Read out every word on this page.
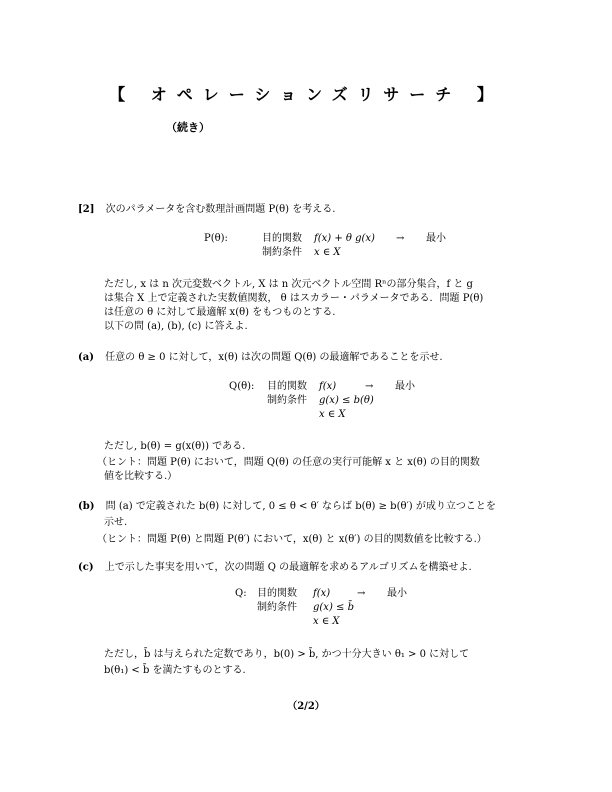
【 オペレーションズリサーチ 】
（続き）
[2] 次のパラメータを含む数理計画問題 P(θ) を考える.
P(θ):	目的関数	f(x) + θ g(x)	→	最小
制約条件	x ∈ X
ただし, x は n 次元変数ベクトル, X は n 次元ベクトル空間 Rⁿの部分集合，f と g
は集合 X 上で定義された実数値関数， θ はスカラー・パラメータである．問題 P(θ)
は任意の θ に対して最適解 x(θ) をもつものとする.
以下の問 (a), (b), (c) に答えよ.
(a) 任意の θ ≥ 0 に対して，x(θ) は次の問題 Q(θ) の最適解であることを示せ.
Q(θ):	目的関数	f(x)	→	最小
制約条件	g(x) ≤ b(θ)
x ∈ X
ただし, b(θ) = g(x(θ)) である.
（ヒント：問題 P(θ) において，問題 Q(θ) の任意の実行可能解 x と x(θ) の目的関数
値を比較する.）
(b) 問 (a) で定義された b(θ) に対して, 0 ≤ θ < θ′ ならば b(θ) ≥ b(θ′) が成り立つことを
示せ.
（ヒント：問題 P(θ) と問題 P(θ′) において，x(θ) と x(θ′) の目的関数値を比較する.）
(c) 上で示した事実を用いて，次の問題 Q の最適解を求めるアルゴリズムを構築せよ.
Q:	目的関数	f(x)	→	最小
制約条件	g(x) ≤ b̄
x ∈ X
ただし，b̄ は与えられた定数であり，b(0) > b̄, かつ十分大きい θ₁ > 0 に対して
b(θ₁) < b̄ を満たすものとする.
（2/2）
